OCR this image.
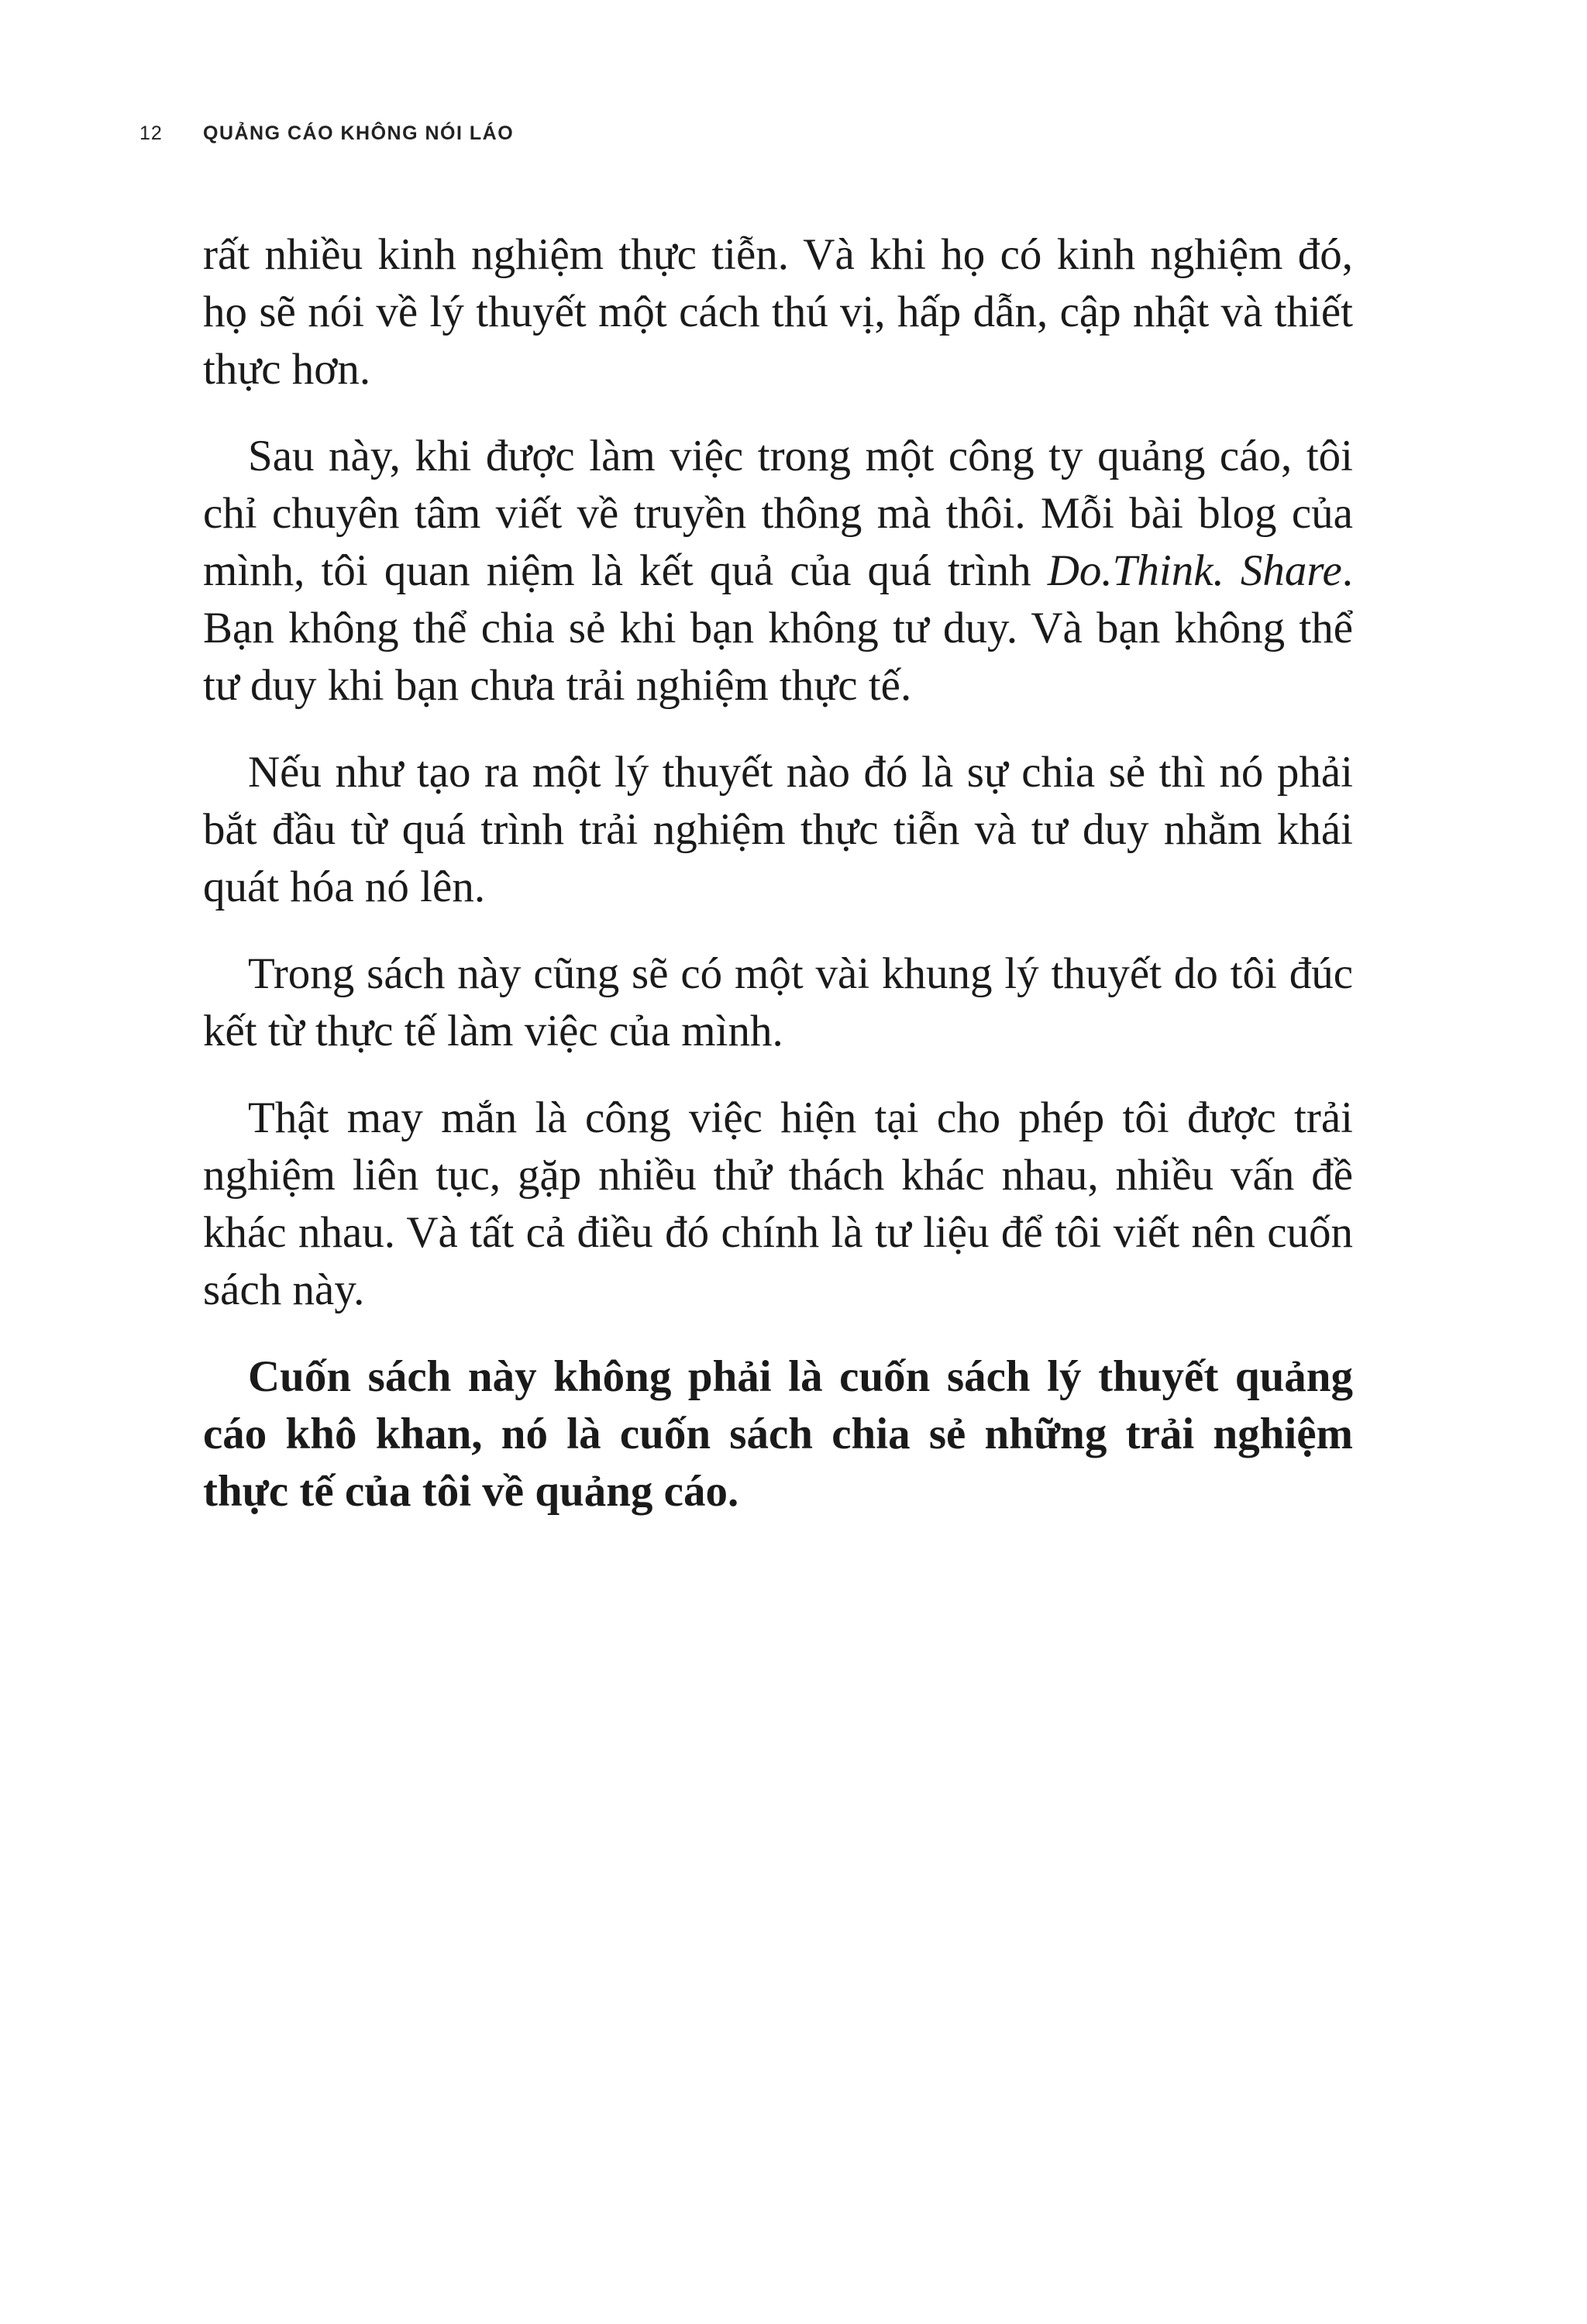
12	QUẢNG CÁO KHÔNG NÓI LÁO

rất nhiều kinh nghiệm thực tiễn. Và khi họ có kinh nghiệm đó, họ sẽ nói về lý thuyết một cách thú vị, hấp dẫn, cập nhật và thiết thực hơn.

Sau này, khi được làm việc trong một công ty quảng cáo, tôi chỉ chuyên tâm viết về truyền thông mà thôi. Mỗi bài blog của mình, tôi quan niệm là kết quả của quá trình Do.Think. Share. Bạn không thể chia sẻ khi bạn không tư duy. Và bạn không thể tư duy khi bạn chưa trải nghiệm thực tế.

Nếu như tạo ra một lý thuyết nào đó là sự chia sẻ thì nó phải bắt đầu từ quá trình trải nghiệm thực tiễn và tư duy nhằm khái quát hóa nó lên.

Trong sách này cũng sẽ có một vài khung lý thuyết do tôi đúc kết từ thực tế làm việc của mình.

Thật may mắn là công việc hiện tại cho phép tôi được trải nghiệm liên tục, gặp nhiều thử thách khác nhau, nhiều vấn đề khác nhau. Và tất cả điều đó chính là tư liệu để tôi viết nên cuốn sách này.

Cuốn sách này không phải là cuốn sách lý thuyết quảng cáo khô khan, nó là cuốn sách chia sẻ những trải nghiệm thực tế của tôi về quảng cáo.
